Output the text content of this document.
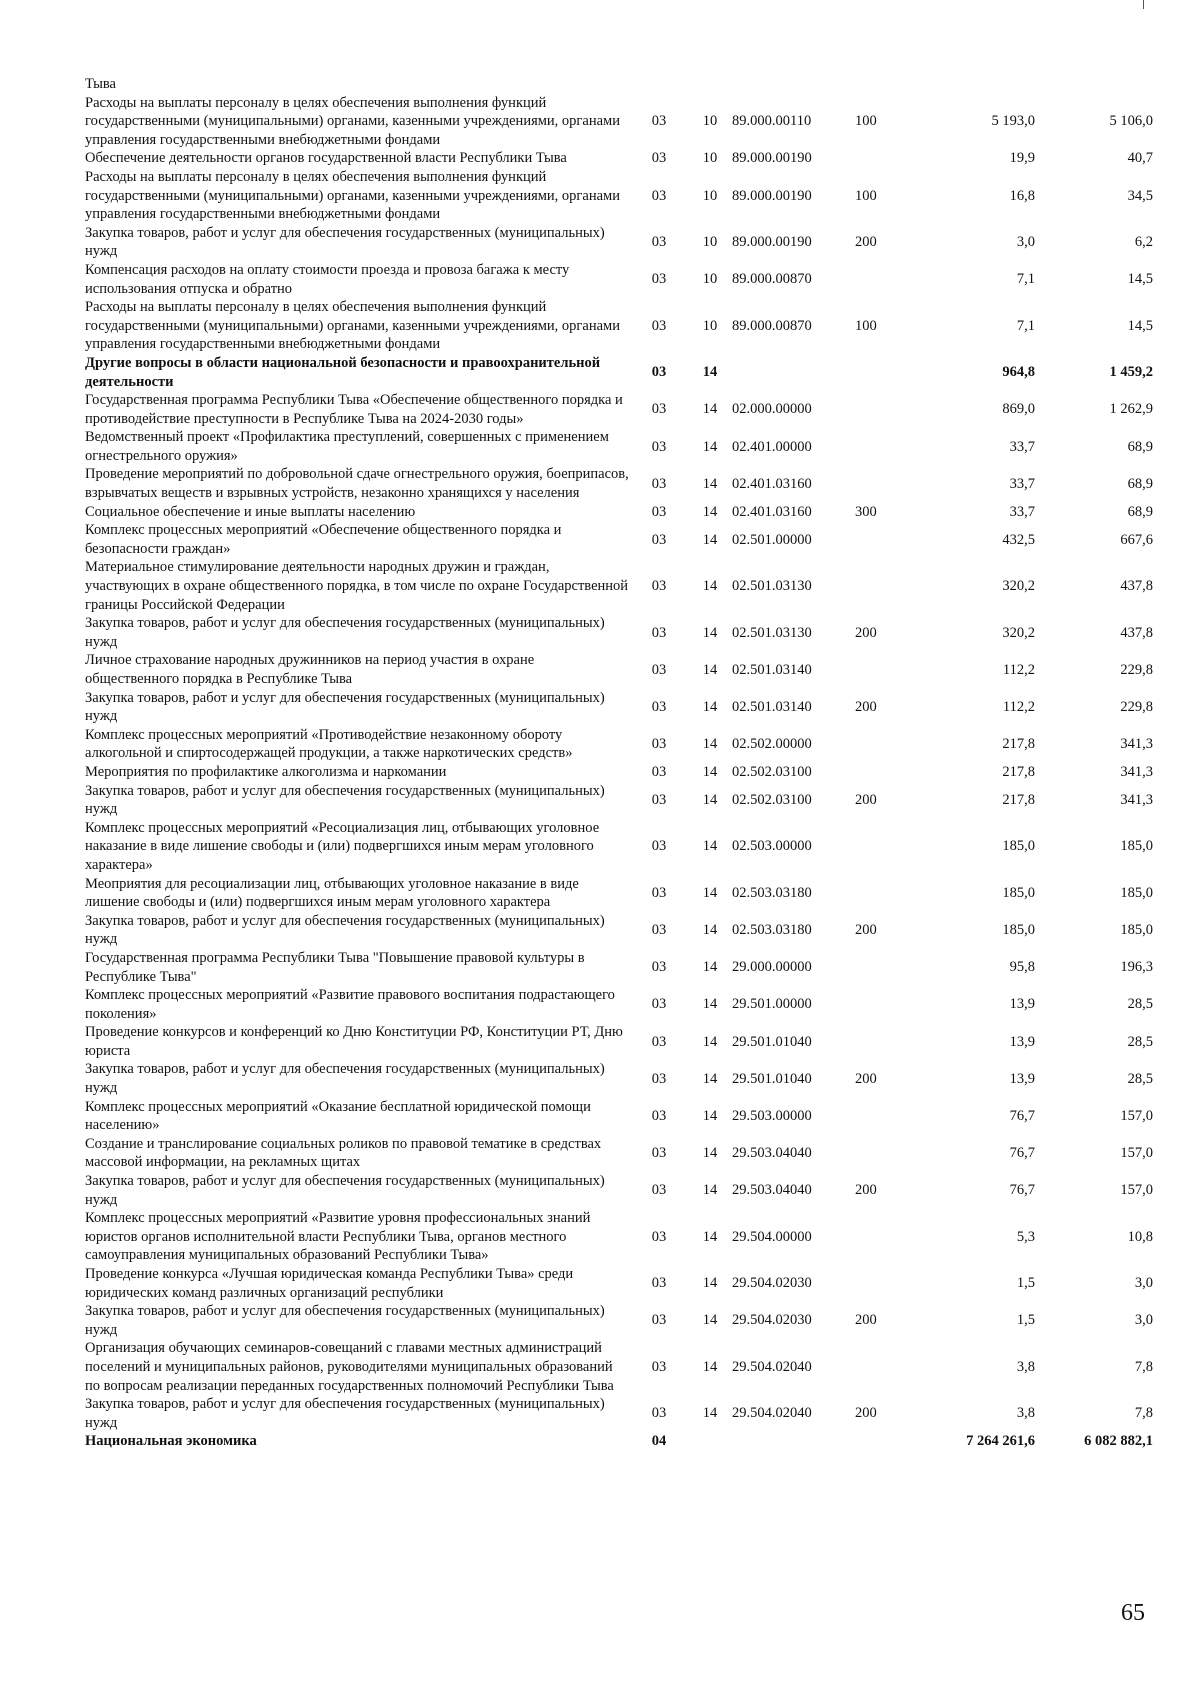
Тыва						
Расходы на выплаты персоналу в целях обеспечения выполнения функций государственными (муниципальными) органами, казенными учреждениями, органами управления государственными внебюджетными фондами	03	10	89.000.00110	100	5 193,0	5 106,0
Обеспечение деятельности органов государственной власти Республики Тыва	03	10	89.000.00190		19,9	40,7
Расходы на выплаты персоналу в целях обеспечения выполнения функций государственными (муниципальными) органами, казенными учреждениями, органами управления государственными внебюджетными фондами	03	10	89.000.00190	100	16,8	34,5
Закупка товаров, работ и услуг для обеспечения государственных (муниципальных) нужд	03	10	89.000.00190	200	3,0	6,2
Компенсация расходов на оплату стоимости проезда и провоза багажа к месту использования отпуска и обратно	03	10	89.000.00870		7,1	14,5
Расходы на выплаты персоналу в целях обеспечения выполнения функций государственными (муниципальными) органами, казенными учреждениями, органами управления государственными внебюджетными фондами	03	10	89.000.00870	100	7,1	14,5
Другие вопросы в области национальной безопасности и правоохранительной деятельности	03	14			964,8	1 459,2
Государственная программа Республики Тыва «Обеспечение общественного порядка и противодействие преступности в Республике Тыва на 2024-2030 годы»	03	14	02.000.00000		869,0	1 262,9
Ведомственный проект «Профилактика преступлений, совершенных с применением огнестрельного оружия»	03	14	02.401.00000		33,7	68,9
Проведение мероприятий по добровольной сдаче огнестрельного оружия, боеприпасов, взрывчатых веществ и взрывных устройств, незаконно хранящихся у населения	03	14	02.401.03160		33,7	68,9
Социальное обеспечение и иные выплаты населению	03	14	02.401.03160	300	33,7	68,9
Комплекс процессных мероприятий «Обеспечение общественного порядка и безопасности граждан»	03	14	02.501.00000		432,5	667,6
Материальное стимулирование деятельности народных дружин и граждан, участвующих в охране общественного порядка, в том числе по охране Государственной границы Российской Федерации	03	14	02.501.03130		320,2	437,8
Закупка товаров, работ и услуг для обеспечения государственных (муниципальных) нужд	03	14	02.501.03130	200	320,2	437,8
Личное страхование народных дружинников на период участия в охране общественного порядка в Республике Тыва	03	14	02.501.03140		112,2	229,8
Закупка товаров, работ и услуг для обеспечения государственных (муниципальных) нужд	03	14	02.501.03140	200	112,2	229,8
Комплекс процессных мероприятий «Противодействие незаконному обороту алкогольной и спиртосодержащей продукции, а также наркотических средств»	03	14	02.502.00000		217,8	341,3
Мероприятия по профилактике алкоголизма и наркомании	03	14	02.502.03100		217,8	341,3
Закупка товаров, работ и услуг для обеспечения государственных (муниципальных) нужд	03	14	02.502.03100	200	217,8	341,3
Комплекс процессных мероприятий «Ресоциализация лиц, отбывающих уголовное наказание в виде лишение свободы и (или) подвергшихся иным мерам уголовного характера»	03	14	02.503.00000		185,0	185,0
Меоприятия для ресоциализации лиц, отбывающих уголовное наказание в виде лишение свободы и (или) подвергшихся иным мерам уголовного характера	03	14	02.503.03180		185,0	185,0
Закупка товаров, работ и услуг для обеспечения государственных (муниципальных) нужд	03	14	02.503.03180	200	185,0	185,0
Государственная программа Республики Тыва "Повышение правовой культуры в Республике Тыва"	03	14	29.000.00000		95,8	196,3
Комплекс процессных мероприятий «Развитие правового воспитания подрастающего поколения»	03	14	29.501.00000		13,9	28,5
Проведение конкурсов и конференций ко Дню Конституции РФ, Конституции РТ, Дню юриста	03	14	29.501.01040		13,9	28,5
Закупка товаров, работ и услуг для обеспечения государственных (муниципальных) нужд	03	14	29.501.01040	200	13,9	28,5
Комплекс процессных мероприятий «Оказание бесплатной юридической помощи населению»	03	14	29.503.00000		76,7	157,0
Создание и транслирование социальных роликов по правовой тематике в средствах массовой информации, на рекламных щитах	03	14	29.503.04040		76,7	157,0
Закупка товаров, работ и услуг для обеспечения государственных (муниципальных) нужд	03	14	29.503.04040	200	76,7	157,0
Комплекс процессных мероприятий «Развитие уровня профессиональных знаний юристов органов исполнительной власти Республики Тыва, органов местного самоуправления муниципальных образований Республики Тыва»	03	14	29.504.00000		5,3	10,8
Проведение конкурса «Лучшая юридическая команда Республики Тыва» среди юридических команд различных организаций республики	03	14	29.504.02030		1,5	3,0
Закупка товаров, работ и услуг для обеспечения государственных (муниципальных) нужд	03	14	29.504.02030	200	1,5	3,0
Организация обучающих семинаров-совещаний с главами местных администраций поселений и муниципальных районов, руководителями муниципальных образований по вопросам реализации переданных государственных полномочий Республики Тыва	03	14	29.504.02040		3,8	7,8
Закупка товаров, работ и услуг для обеспечения государственных (муниципальных) нужд	03	14	29.504.02040	200	3,8	7,8
Национальная экономика	04				7 264 261,6	6 082 882,1
65
